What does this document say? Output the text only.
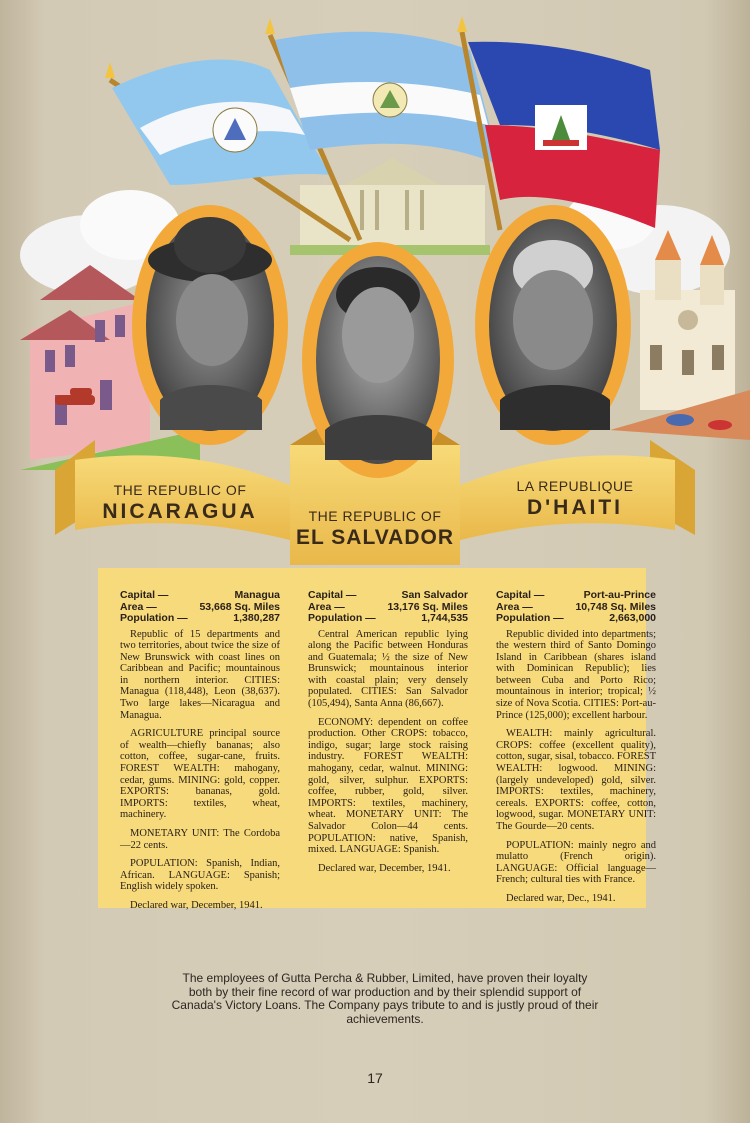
THE REPUBLIC OF
NICARAGUA	THE REPUBLIC OF
EL SALVADOR
LA REPUBLIQUE
D'HAITI
Capital —	Managua
Area —	53,668 Sq. Miles
Population —	1,380,287

Republic of 15 departments and two territories, about twice the size of New Brunswick with coast lines on Caribbean and Pacific; mountainous in northern interior. CITIES: Managua (118,448), Leon (38,637). Two large lakes—Nicaragua and Managua.

AGRICULTURE principal source of wealth—chiefly bananas; also cotton, coffee, sugar-cane, fruits. FOREST WEALTH: mahogany, cedar, gums. MINING: gold, copper. EXPORTS: bananas, gold. IMPORTS: textiles, wheat, machinery.

MONETARY UNIT: The Cordoba—22 cents.

POPULATION: Spanish, Indian, African. LANGUAGE: Spanish; English widely spoken.

Declared war, December, 1941.

Capital —	San Salvador
Area —	13,176 Sq. Miles
Population —	1,744,535

Central American republic lying along the Pacific between Honduras and Guatemala; ½ the size of New Brunswick; mountainous interior with coastal plain; very densely populated. CITIES: San Salvador (105,494), Santa Anna (86,667).

ECONOMY: dependent on coffee production. Other CROPS: tobacco, indigo, sugar; large stock raising industry. FOREST WEALTH: mahogany, cedar, walnut. MINING: gold, silver, sulphur. EXPORTS: coffee, rubber, gold, silver. IMPORTS: textiles, machinery, wheat. MONETARY UNIT: The Salvador Colon—44 cents. POPULATION: native, Spanish, mixed. LANGUAGE: Spanish.

Declared war, December, 1941.

Capital —	Port-au-Prince
Area —	10,748 Sq. Miles
Population —	2,663,000

Republic divided into departments; the western third of Santo Domingo Island in Caribbean (shares island with Dominican Republic); lies between Cuba and Porto Rico; mountainous in interior; tropical; ½ size of Nova Scotia. CITIES: Port-au-Prince (125,000); excellent harbour.

WEALTH: mainly agricultural. CROPS: coffee (excellent quality), cotton, sugar, sisal, tobacco. FOREST WEALTH: logwood. MINING: (largely undeveloped) gold, silver. IMPORTS: textiles, machinery, cereals. EXPORTS: coffee, cotton, logwood, sugar. MONETARY UNIT: The Gourde—20 cents.

POPULATION: mainly negro and mulatto (French origin). LANGUAGE: Official language—French; cultural ties with France.

Declared war, Dec., 1941.

The employees of Gutta Percha & Rubber, Limited, have proven their loyalty both by their fine record of war production and by their splendid support of Canada's Victory Loans. The Company pays tribute to and is justly proud of their achievements.
17
